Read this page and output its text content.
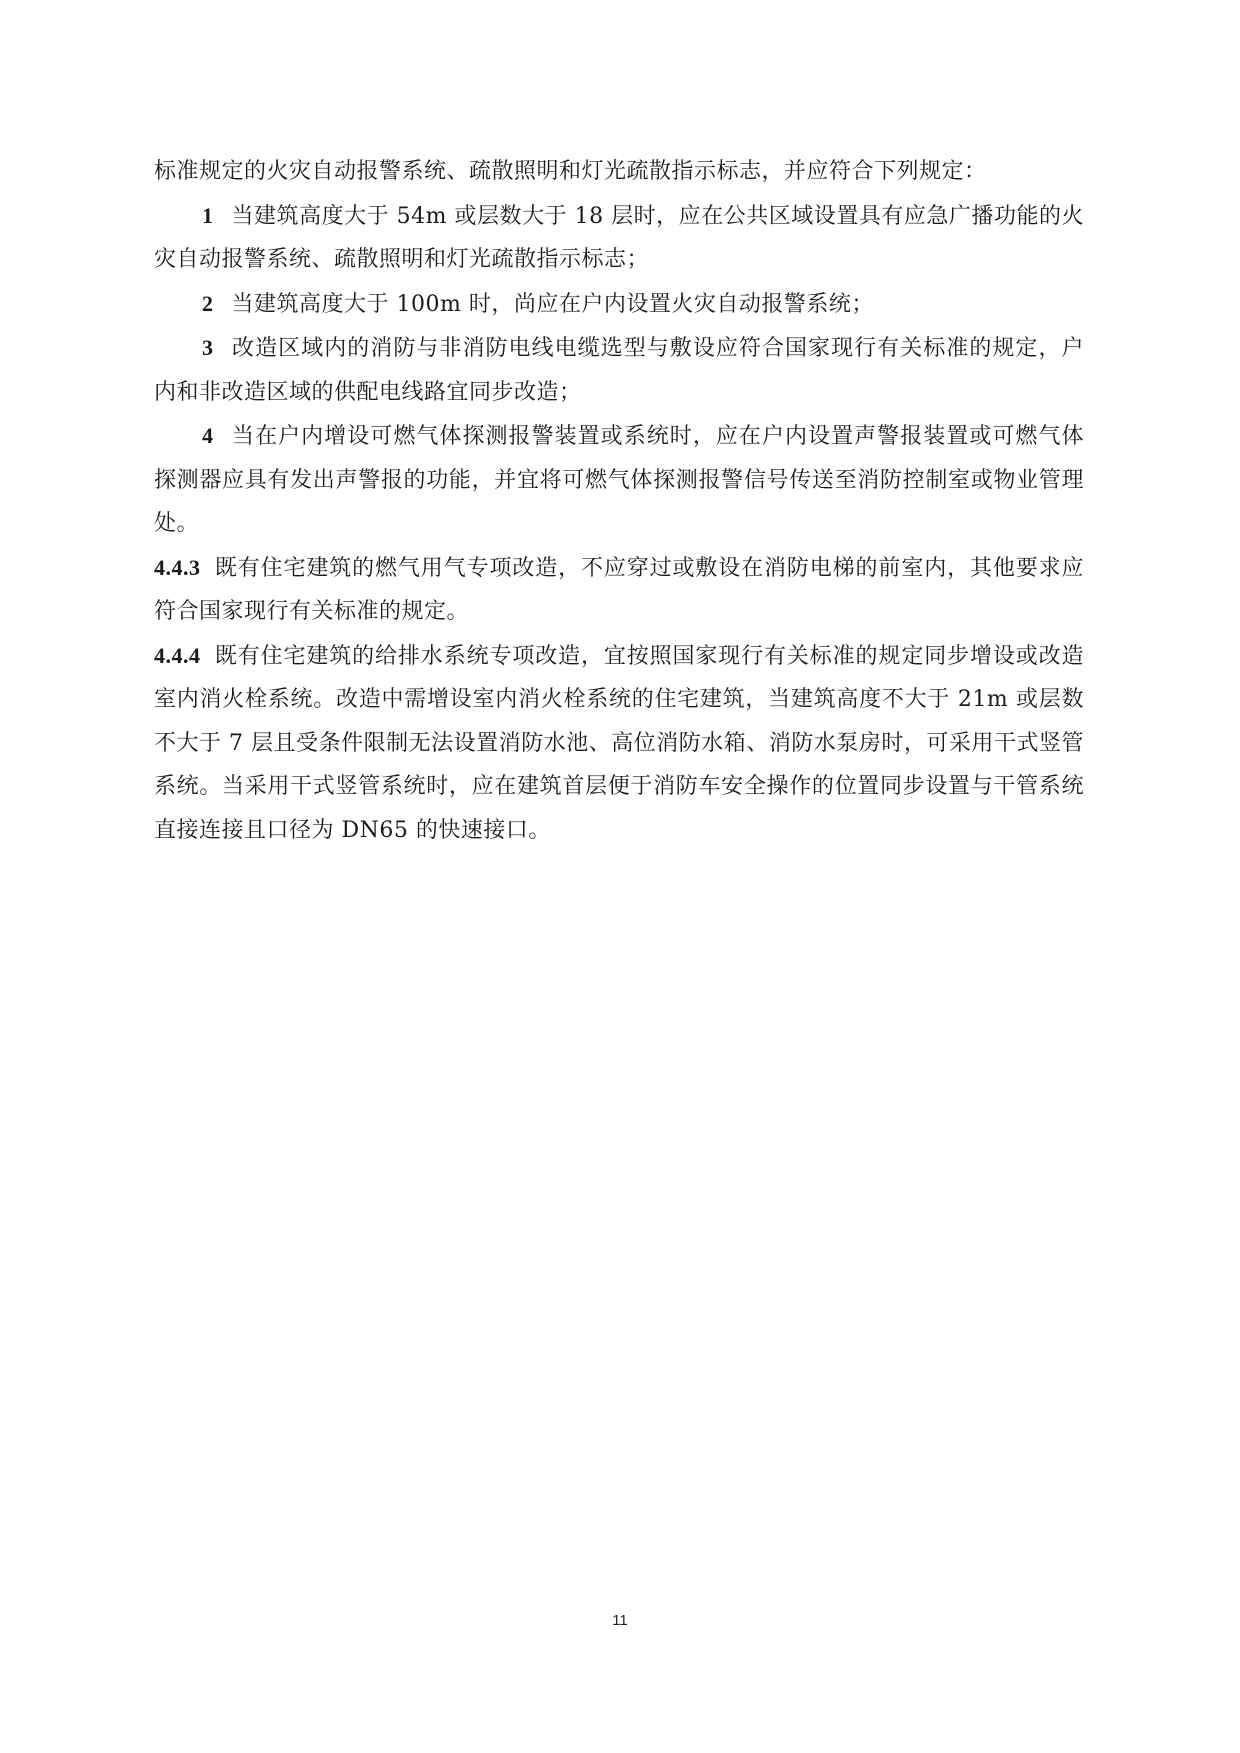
标准规定的火灾自动报警系统、疏散照明和灯光疏散指示标志，并应符合下列规定：

1 当建筑高度大于 54m 或层数大于 18 层时，应在公共区域设置具有应急广播功能的火灾自动报警系统、疏散照明和灯光疏散指示标志；

2 当建筑高度大于 100m 时，尚应在户内设置火灾自动报警系统；

3 改造区域内的消防与非消防电线电缆选型与敷设应符合国家现行有关标准的规定，户内和非改造区域的供配电线路宜同步改造；

4 当在户内增设可燃气体探测报警装置或系统时，应在户内设置声警报装置或可燃气体探测器应具有发出声警报的功能，并宜将可燃气体探测报警信号传送至消防控制室或物业管理处。

4.4.3 既有住宅建筑的燃气用气专项改造，不应穿过或敷设在消防电梯的前室内，其他要求应符合国家现行有关标准的规定。

4.4.4 既有住宅建筑的给排水系统专项改造，宜按照国家现行有关标准的规定同步增设或改造室内消火栓系统。改造中需增设室内消火栓系统的住宅建筑，当建筑高度不大于 21m 或层数不大于 7 层且受条件限制无法设置消防水池、高位消防水箱、消防水泵房时，可采用干式竖管系统。当采用干式竖管系统时，应在建筑首层便于消防车安全操作的位置同步设置与干管系统直接连接且口径为 DN65 的快速接口。

11
